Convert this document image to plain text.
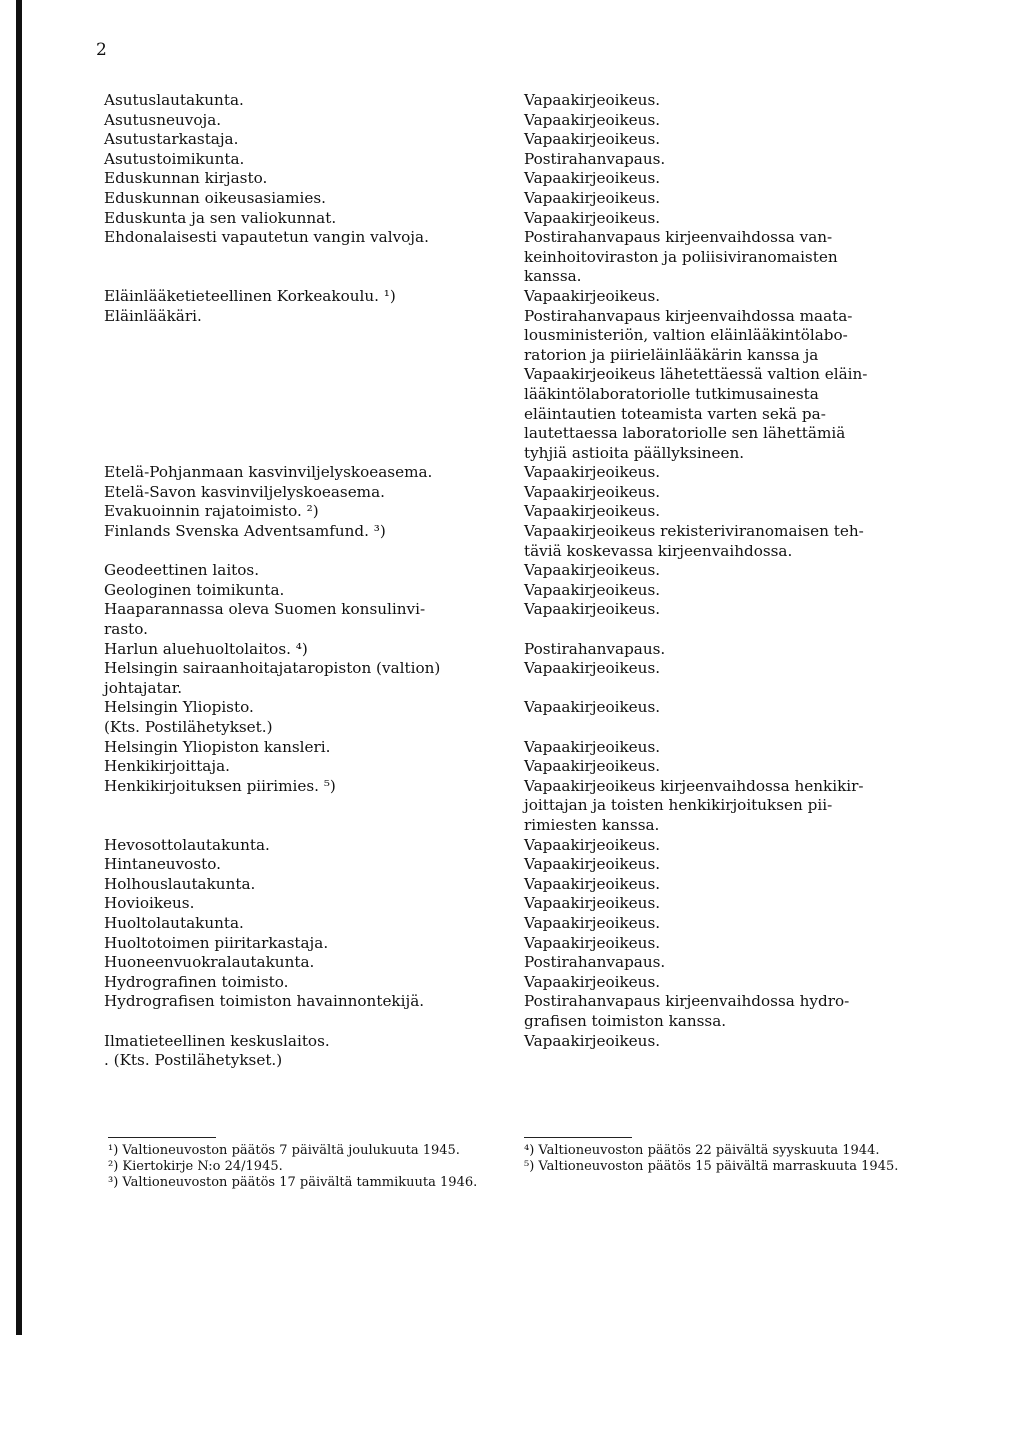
2
Asutuslautakunta.
Asutusneuvoja.
Asutustarkastaja.
Asutustoimikunta.
Eduskunnan kirjasto.
Eduskunnan oikeusasiamies.
Eduskunta ja sen valiokunnat.
Ehdonalaisesti vapautetun vangin valvoja.
Eläinlääketieteellinen Korkeakoulu. ¹)
Eläinlääkäri.
Etelä-Pohjanmaan kasvinviljelyskoeasema.
Etelä-Savon kasvinviljelyskoeasema.
Evakuoinnin rajatoimisto. ²)
Finlands Svenska Adventsamfund. ³)
Geodeettinen laitos.
Geologinen toimikunta.
Haaparannassa oleva Suomen konsulinvi-
rasto.
Harlun aluehuoltolaitos. ⁴)
Helsingin sairaanhoitajataropiston (valtion)
johtajatar.
Helsingin Yliopisto.
(Kts. Postilähetykset.)
Helsingin Yliopiston kansleri.
Henkikirjoittaja.
Henkikirjoituksen piirimies. ⁵)
Hevosottolautakunta.
Hintaneuvosto.
Holhouslautakunta.
Hovioikeus.
Huoltolautakunta.
Huoltotoimen piiritarkastaja.
Huoneenvuokralautakunta.
Hydrografinen toimisto.
Hydrografisen toimiston havainnontekijä.
Ilmatieteellinen keskuslaitos.
. (Kts. Postilähetykset.)
Vapaakirjeoikeus.
Vapaakirjeoikeus.
Vapaakirjeoikeus.
Postirahanvapaus.
Vapaakirjeoikeus.
Vapaakirjeoikeus.
Vapaakirjeoikeus.
Postirahanvapaus kirjeenvaihdossa van-
keinhoitoviraston ja poliisiviranomaisten
kanssa.
Vapaakirjeoikeus.
Postirahanvapaus kirjeenvaihdossa maata-
lousministeriön, valtion eläinlääkintölabo-
ratorion ja piirieläinlääkärin kanssa ja
Vapaakirjeoikeus lähetettäessä valtion eläin-
lääkintölaboratoriolle tutkimusainesta
eläintautien toteamista varten sekä pa-
lautettaessa laboratoriolle sen lähettämiä
tyhjiä astioita päällyksineen.
Vapaakirjeoikeus.
Vapaakirjeoikeus.
Vapaakirjeoikeus.
Vapaakirjeoikeus rekisteriviranomaisen teh-
täviä koskevassa kirjeenvaihdossa.
Vapaakirjeoikeus.
Vapaakirjeoikeus.
Vapaakirjeoikeus.
Postirahanvapaus.
Vapaakirjeoikeus.
Vapaakirjeoikeus.
Vapaakirjeoikeus.
Vapaakirjeoikeus.
Vapaakirjeoikeus kirjeenvaihdossa henkikir-
joittajan ja toisten henkikirjoituksen pii-
rimiesten kanssa.
Vapaakirjeoikeus.
Vapaakirjeoikeus.
Vapaakirjeoikeus.
Vapaakirjeoikeus.
Vapaakirjeoikeus.
Vapaakirjeoikeus.
Postirahanvapaus.
Vapaakirjeoikeus.
Postirahanvapaus kirjeenvaihdossa hydro-
grafisen toimiston kanssa.
Vapaakirjeoikeus.

¹) Valtioneuvoston päätös 7 päivältä joulukuuta 1945.

²) Kiertokirje N:o 24/1945.

³) Valtioneuvoston päätös 17 päivältä tammikuuta 1946.

⁴) Valtioneuvoston päätös 22 päivältä syyskuuta 1944.

⁵) Valtioneuvoston päätös 15 päivältä marraskuuta 1945.
